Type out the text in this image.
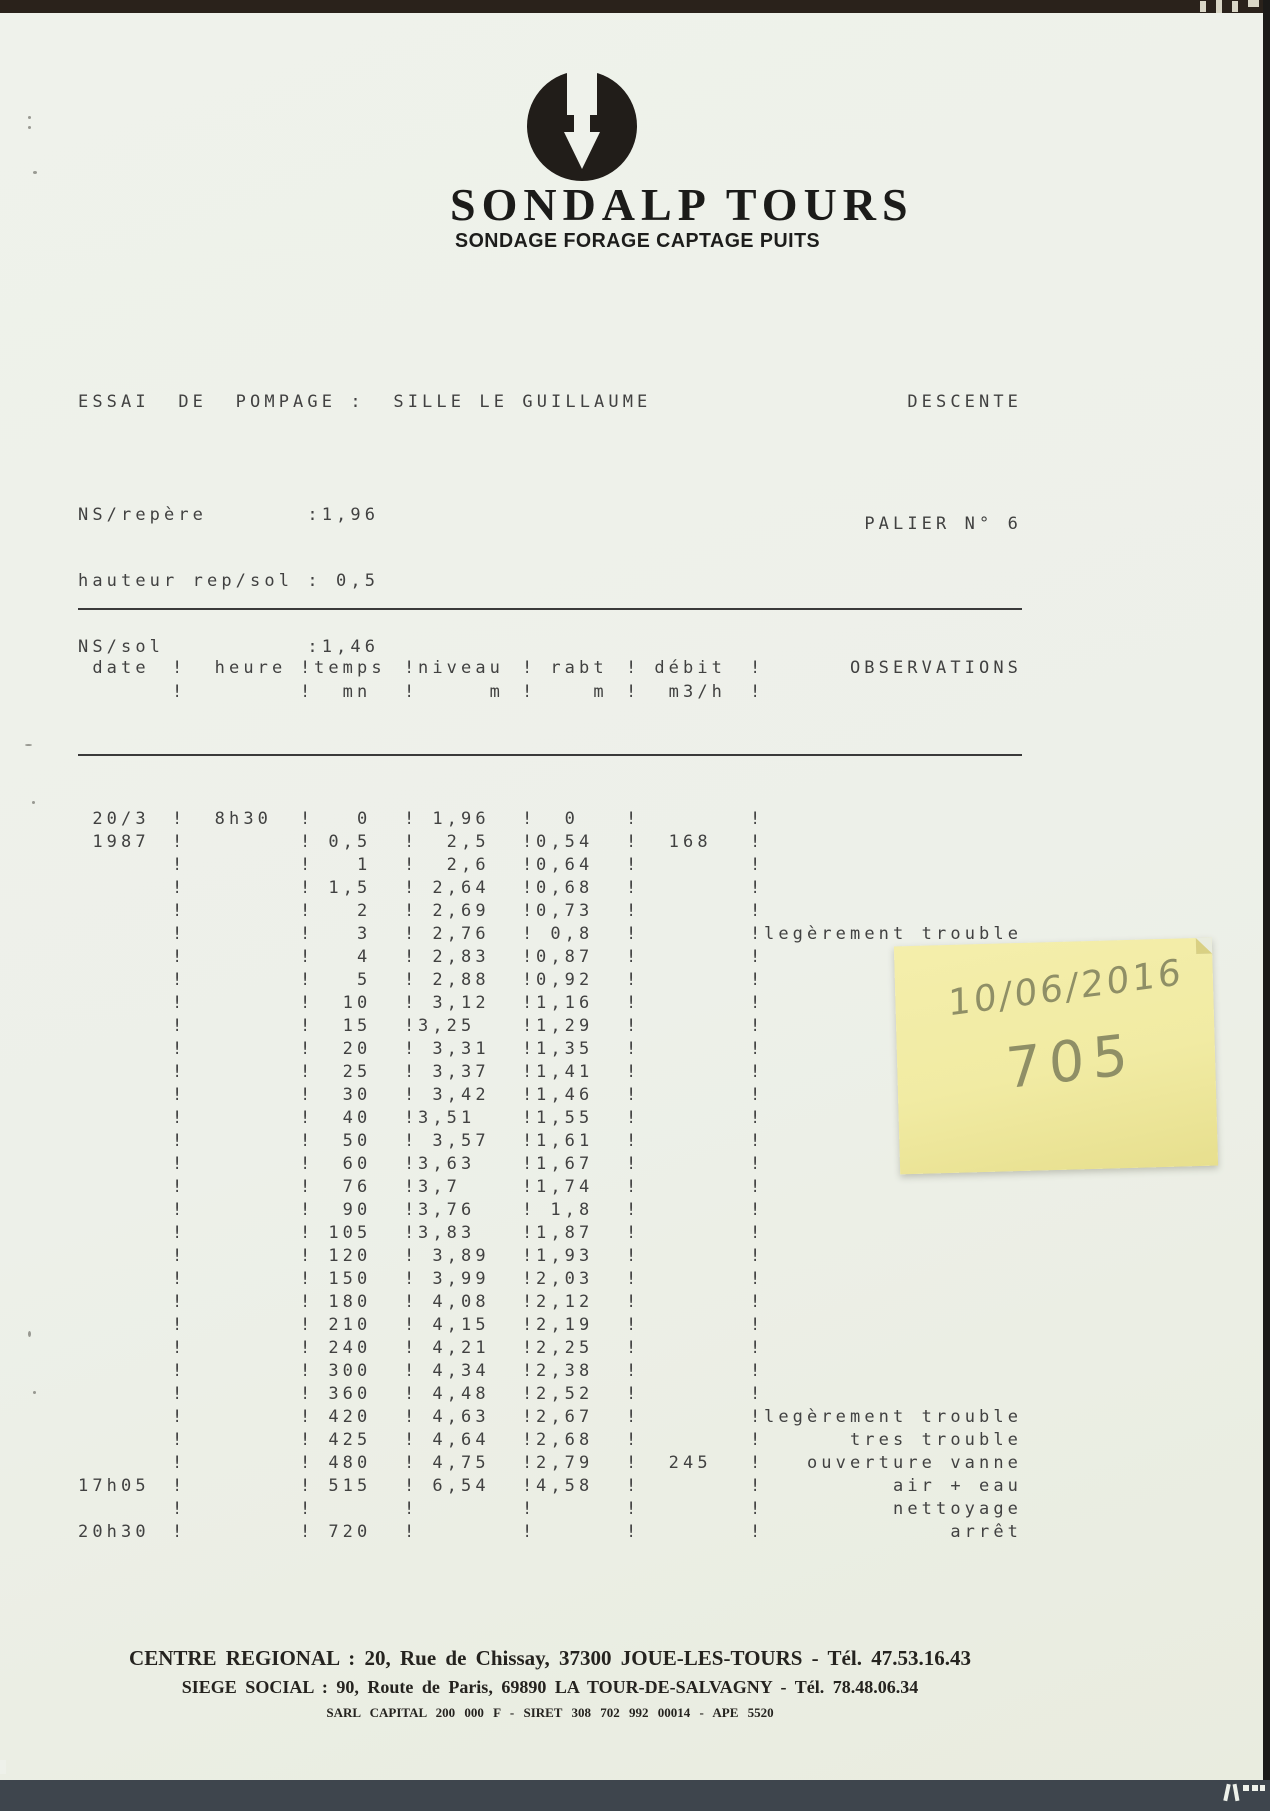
SONDALP TOURS
SONDAGE FORAGE CAPTAGE PUITS
ESSAI  DE  POMPAGE :  SILLE LE GUILLAUME	DESCENTE

NS/repère       :1,96

hauteur rep/sol : 0,5

NS/sol          :1,46

PALIER N° 6

date	! heure ! temps	! niveau	! rabt	! débit	!	OBSERVATIONS
!	! mn	! m	! m	! m3/h	!

20/3	! 8h30	! 0	! 1,96	! 0	!	!
1987	!	! 0,5	! 2,5	! 0,54	! 168	!
!	! 1	! 2,6	! 0,64	!	!
!	! 1,5	! 2,64	! 0,68	!	!
!	! 2	! 2,69	! 0,73	!	!
!	! 3	! 2,76	! 0,8	!	! legèrement trouble
!	! 4	! 2,83	! 0,87	!	!
!	! 5	! 2,88	! 0,92	!	!
!	! 10	! 3,12	! 1,16	!	!
!	! 15	! 3,25	! 1,29	!	!
!	! 20	! 3,31	! 1,35	!	!
!	! 25	! 3,37	! 1,41	!	!
!	! 30	! 3,42	! 1,46	!	!
!	! 40	! 3,51	! 1,55	!	!
!	! 50	! 3,57	! 1,61	!	!
!	! 60	! 3,63	! 1,67	!	!
!	! 76	! 3,7	! 1,74	!	!
!	! 90	! 3,76	! 1,8	!	!
!	! 105	! 3,83	! 1,87	!	!
!	! 120	! 3,89	! 1,93	!	!
!	! 150	! 3,99	! 2,03	!	!
!	! 180	! 4,08	! 2,12	!	!
!	! 210	! 4,15	! 2,19	!	!
!	! 240	! 4,21	! 2,25	!	!
!	! 300	! 4,34	! 2,38	!	!
!	! 360	! 4,48	! 2,52	!	!
!	! 420	! 4,63	! 2,67	!	! legèrement trouble
!	! 425	! 4,64	! 2,68	!	!	tres trouble
!	! 480	! 4,75	! 2,79	! 245	!	ouverture vanne
17h05	!	! 515	! 6,54	! 4,58	!	!	air + eau
!	!	!	!	!	!	nettoyage
20h30	!	! 720	!	!	!	!	arrêt

CENTRE REGIONAL : 20, Rue de Chissay, 37300 JOUE-LES-TOURS - Tél. 47.53.16.43
SIEGE SOCIAL : 90, Route de Paris, 69890 LA TOUR-DE-SALVAGNY - Tél. 78.48.06.34
SARL CAPITAL 200 000 F - SIRET 308 702 992 00014 - APE 5520
10/06/2016
705
